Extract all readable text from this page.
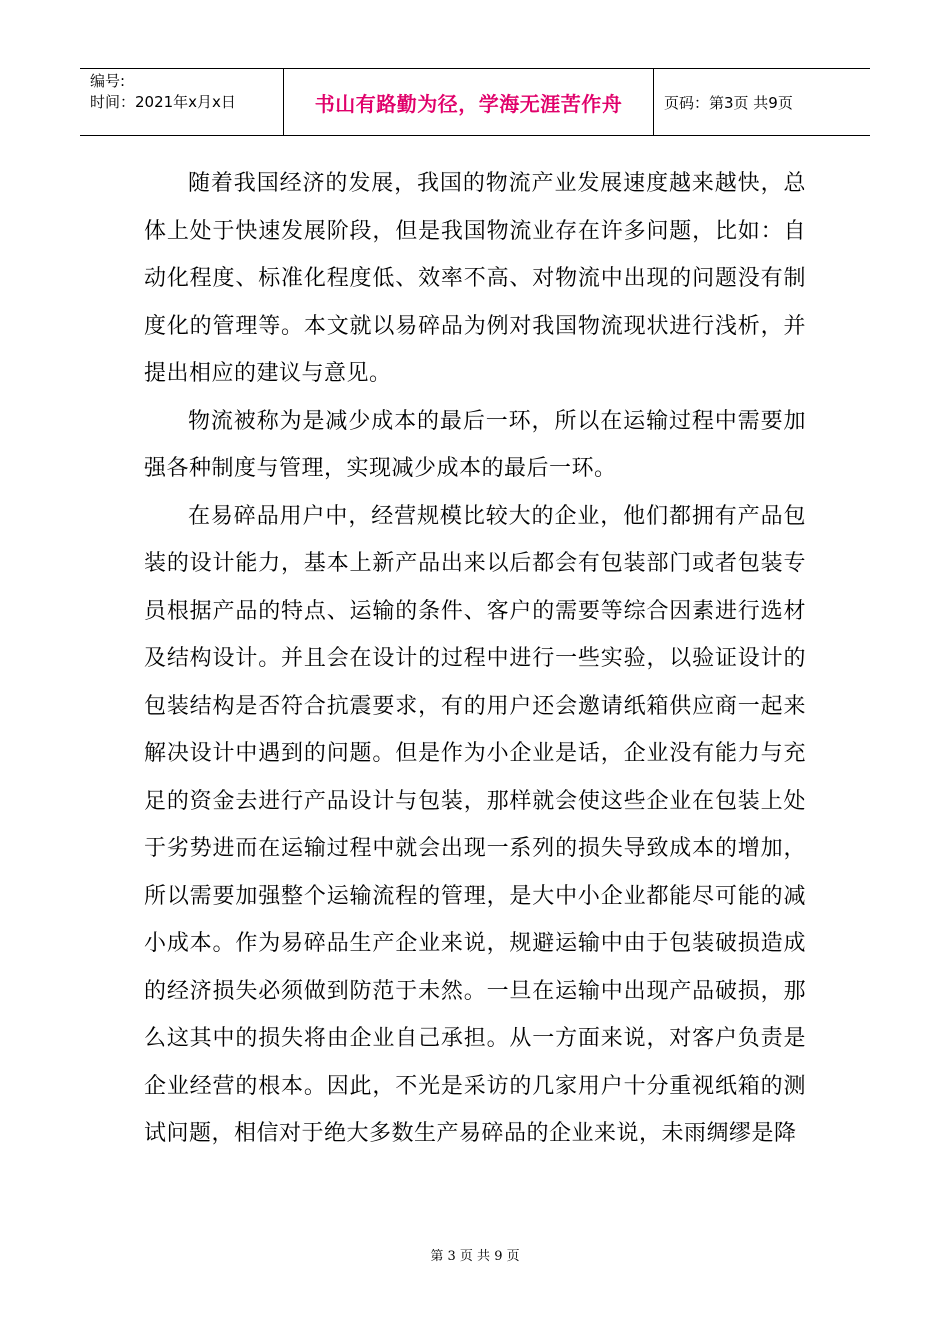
编号:
时间：2021年x月x日	书山有路勤为径，学海无涯苦作舟	页码：第3页 共9页

随着我国经济的发展，我国的物流产业发展速度越来越快，总体上处于快速发展阶段，但是我国物流业存在许多问题，比如：自动化程度、标准化程度低、效率不高、对物流中出现的问题没有制度化的管理等。本文就以易碎品为例对我国物流现状进行浅析，并提出相应的建议与意见。

物流被称为是减少成本的最后一环，所以在运输过程中需要加强各种制度与管理，实现减少成本的最后一环。

在易碎品用户中，经营规模比较大的企业，他们都拥有产品包装的设计能力，基本上新产品出来以后都会有包装部门或者包装专员根据产品的特点、运输的条件、客户的需要等综合因素进行选材及结构设计。并且会在设计的过程中进行一些实验，以验证设计的包装结构是否符合抗震要求，有的用户还会邀请纸箱供应商一起来解决设计中遇到的问题。但是作为小企业是话，企业没有能力与充足的资金去进行产品设计与包装，那样就会使这些企业在包装上处于劣势进而在运输过程中就会出现一系列的损失导致成本的增加，所以需要加强整个运输流程的管理，是大中小企业都能尽可能的减小成本。作为易碎品生产企业来说，规避运输中由于包装破损造成的经济损失必须做到防范于未然。一旦在运输中出现产品破损，那么这其中的损失将由企业自己承担。从一方面来说，对客户负责是企业经营的根本。因此，不光是采访的几家用户十分重视纸箱的测试问题，相信对于绝大多数生产易碎品的企业来说，未雨绸缪是降

第 3 页 共 9 页
